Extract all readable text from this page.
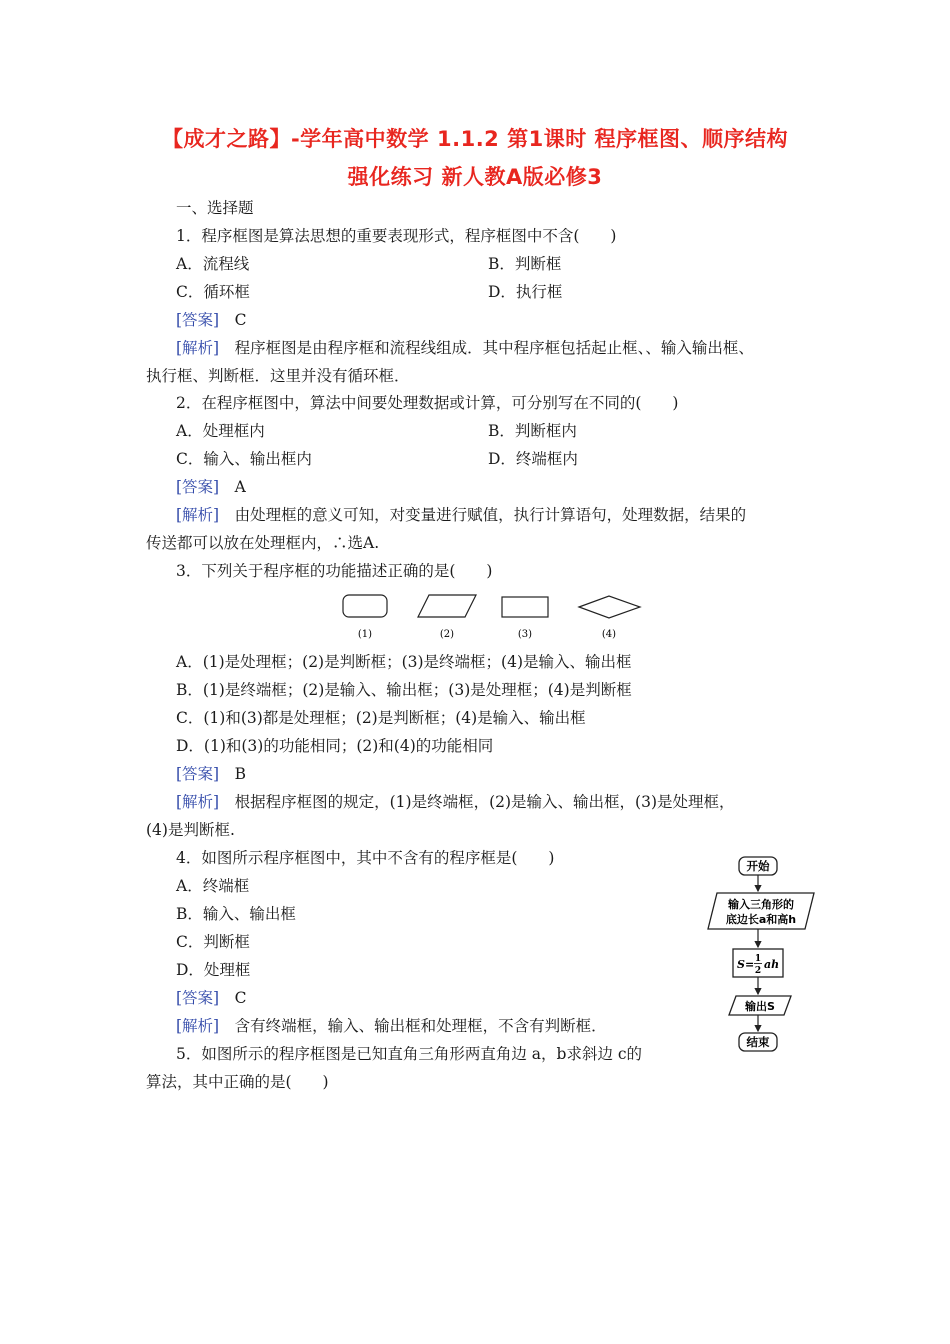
【成才之路】-学年高中数学 1.1.2 第1课时 程序框图、顺序结构
强化练习 新人教A版必修3
一、选择题
1．程序框图是算法思想的重要表现形式，程序框图中不含(　　)
A．流程线	B．判断框
C．循环框	D．执行框
[答案]　 C
[解析]　 程序框图是由程序框和流程线组成．其中程序框包括起止框、、输入输出框、
执行框、判断框．这里并没有循环框．
2．在程序框图中，算法中间要处理数据或计算，可分别写在不同的(　　)
A．处理框内	B．判断框内
C．输入、输出框内	D．终端框内
[答案]　 A
[解析]　 由处理框的意义可知，对变量进行赋值，执行计算语句，处理数据，结果的
传送都可以放在处理框内，∴选A.
3．下列关于程序框的功能描述正确的是(　　)
(1)	(2)	(3)	(4)
A．(1)是处理框；(2)是判断框；(3)是终端框；(4)是输入、输出框
B．(1)是终端框；(2)是输入、输出框；(3)是处理框；(4)是判断框
C．(1)和(3)都是处理框；(2)是判断框；(4)是输入、输出框
D．(1)和(3)的功能相同；(2)和(4)的功能相同
[答案]　 B
[解析]　 根据程序框图的规定，(1)是终端框，(2)是输入、输出框，(3)是处理框，
(4)是判断框.
4．如图所示程序框图中，其中不含有的程序框是(　　)
A．终端框
B．输入、输出框
C．判断框
D．处理框
[答案]　 C
[解析]　 含有终端框，输入、输出框和处理框，不含有判断框．
开始
输入三角形的
底边长a和高h
S= 1
2 ah
输出S
结束
5．如图所示的程序框图是已知直角三角形两直角边 a，b求斜边 c的
算法，其中正确的是(　　)
